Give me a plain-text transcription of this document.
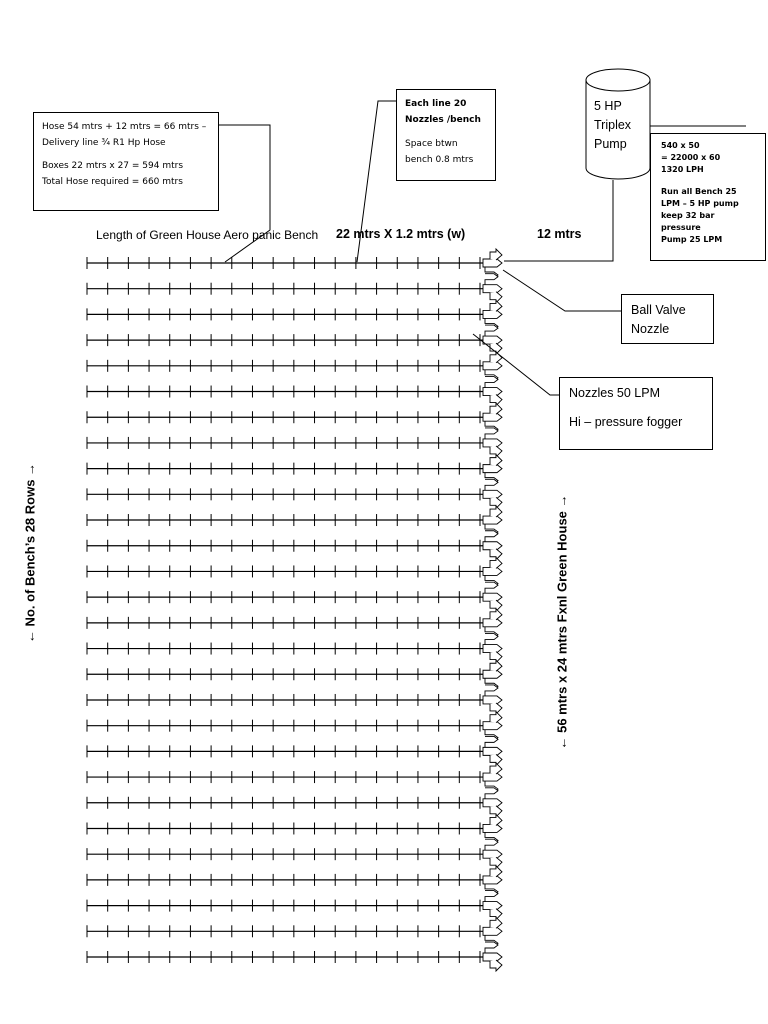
5 HP
Triplex
Pump

Hose 54 mtrs + 12 mtrs = 66 mtrs –

Delivery line ¾ R1 Hp Hose

Boxes 22 mtrs x 27 = 594 mtrs

Total Hose required = 660 mtrs

Each line 20

Nozzles /bench

Space btwn

bench 0.8 mtrs

540 x 50

= 22000 x 60

1320 LPH

Run all Bench 25
LPM – 5 HP pump
keep 32 bar
pressure
Pump 25 LPM

Length of Green House Aero panic Bench 22 mtrs X 1.2 mtrs (w)	12 mtrs

Ball Valve

Nozzle

Nozzles 50 LPM

Hi – pressure fogger

← No. of Bench’s 28 Rows →	← 56 mtrs x 24 mtrs Fxnl Green House →
